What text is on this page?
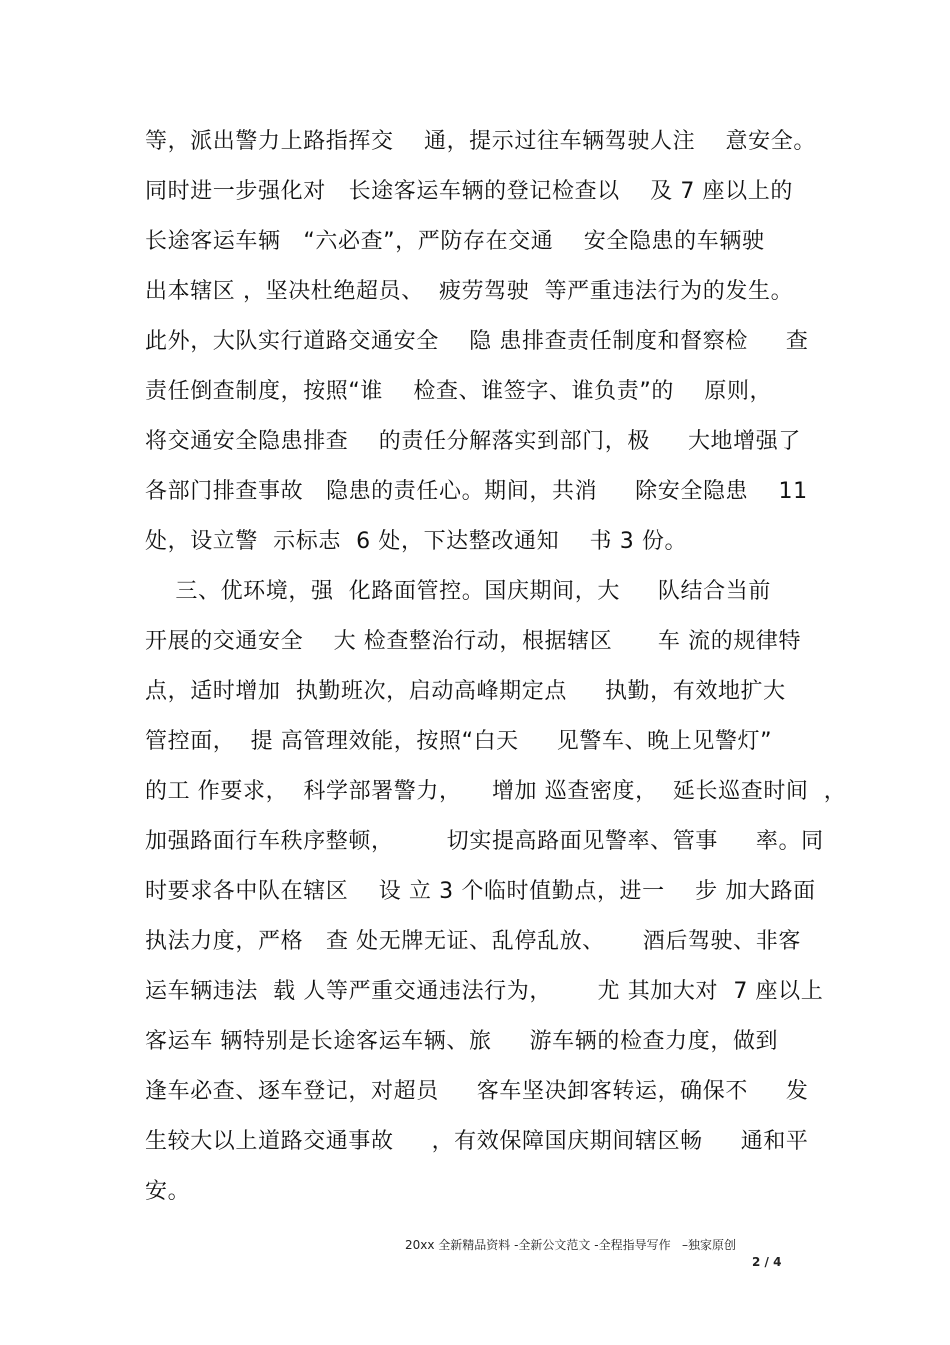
等，派出警力上路指挥交    通，提示过往车辆驾驶人注    意安全。
同时进一步强化对   长途客运车辆的登记检查以    及 7 座以上的
长途客运车辆   “六必查”，严防存在交通    安全隐患的车辆驶
出本辖区 ，坚决杜绝超员、  疲劳驾驶  等严重违法行为的发生。
此外，大队实行道路交通安全    隐 患排查责任制度和督察检     查
责任倒查制度，按照“谁    检查、谁签字、谁负责”的    原则，
将交通安全隐患排查    的责任分解落实到部门，极     大地增强了
各部门排查事故   隐患的责任心。期间，共消     除安全隐患    11
处，设立警  示标志  6 处，下达整改通知    书 3 份。
三、优环境，强  化路面管控。国庆期间，大     队结合当前
开展的交通安全    大 检查整治行动，根据辖区      车 流的规律特
点，适时增加  执勤班次，启动高峰期定点     执勤，有效地扩大
管控面，  提 高管理效能，按照“白天     见警车、晚上见警灯”
的工 作要求，  科学部署警力，    增加 巡查密度，  延长巡查时间  ，
加强路面行车秩序整顿，       切实提高路面见警率、管事     率。同
时要求各中队在辖区    设 立 3 个临时值勤点，进一    步 加大路面
执法力度，严格   查 处无牌无证、乱停乱放、     酒后驾驶、非客
运车辆违法  载 人等严重交通违法行为，      尤 其加大对  7 座以上
客运车 辆特别是长途客运车辆、旅     游车辆的检查力度，做到
逢车必查、逐车登记，对超员     客车坚决卸客转运，确保不     发
生较大以上道路交通事故     ，有效保障国庆期间辖区畅     通和平
安。
20xx 全新精品资料 -全新公文范文 -全程指导写作   –独家原创
2 / 4
